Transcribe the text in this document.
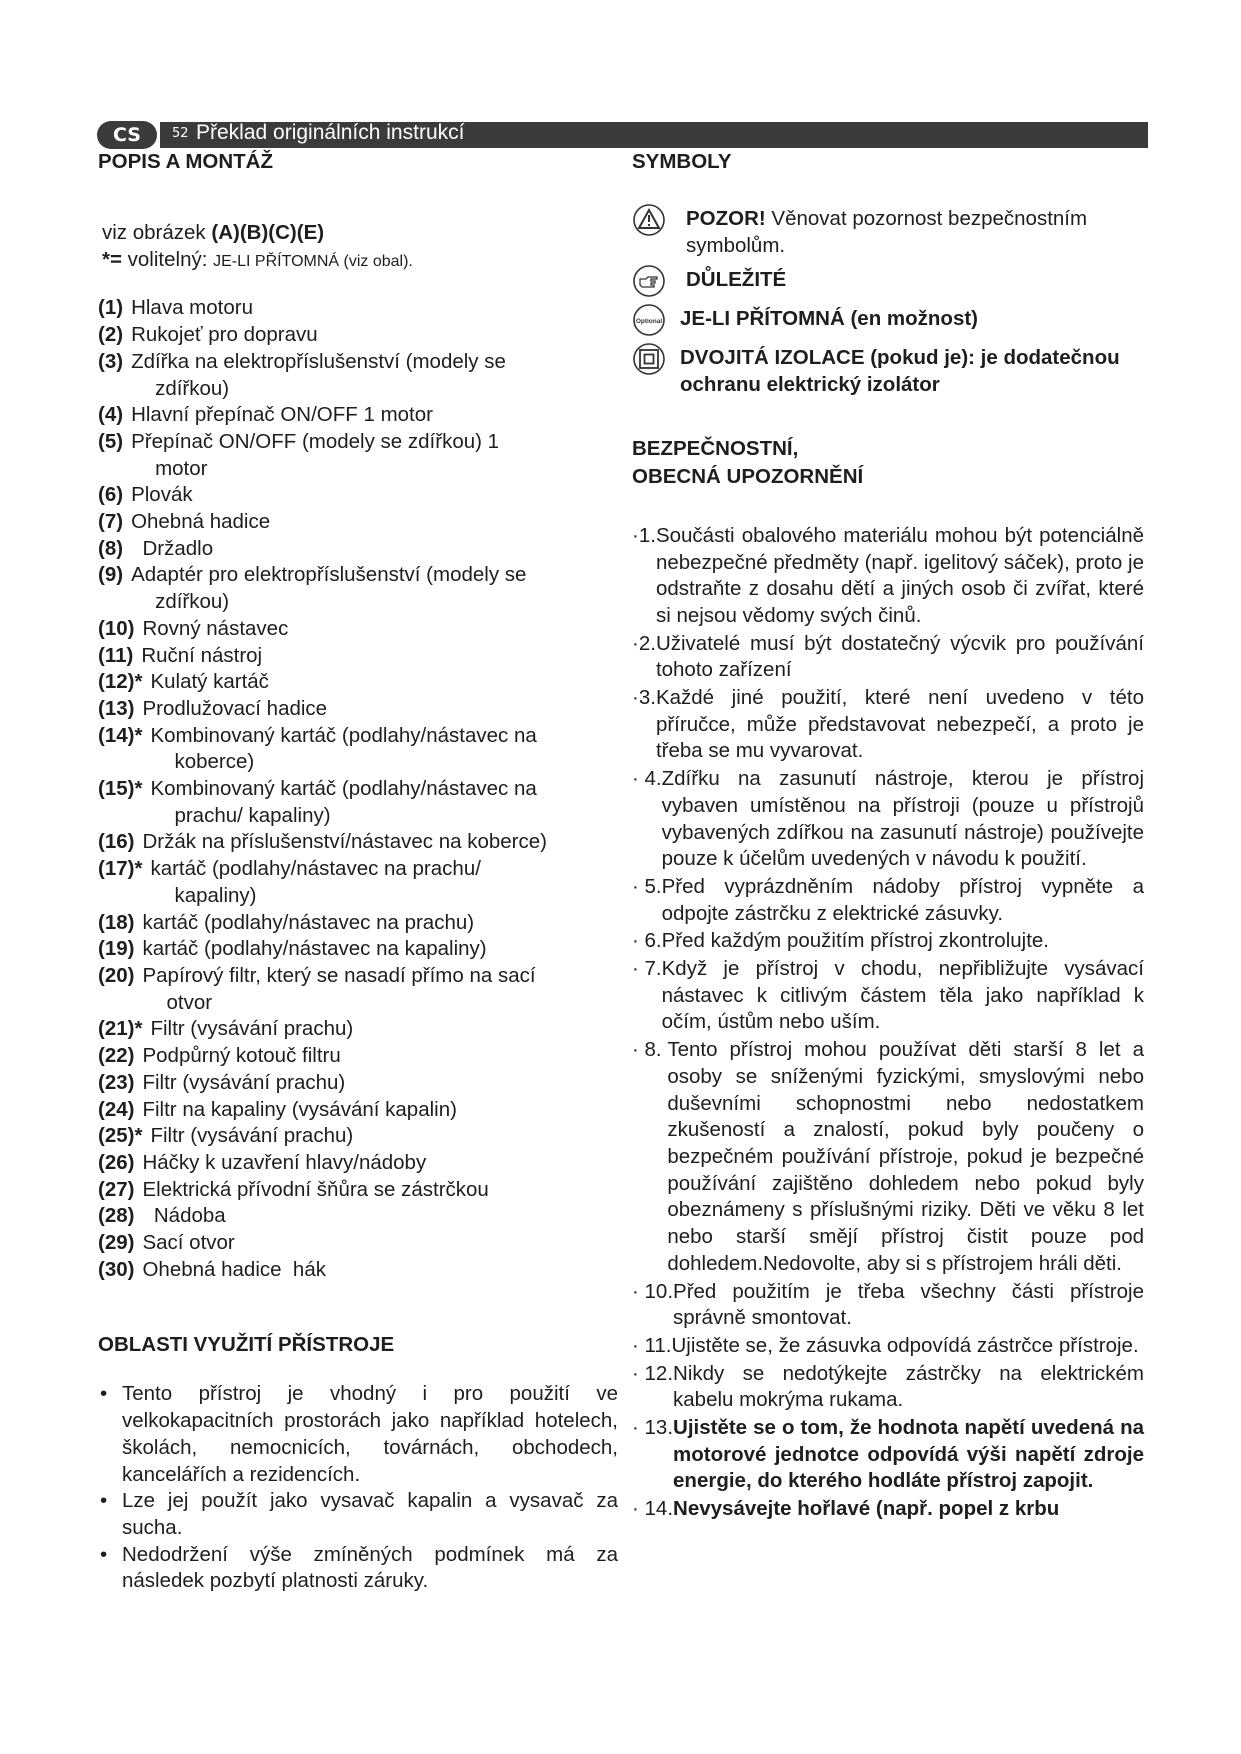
CS	52 Překlad originálních instrukcí
POPIS A MONTÁŽ
viz obrázek (A)(B)(C)(E)
*= volitelný: JE-LI PŘÍTOMNÁ (viz obal).
(1) Hlava motoru
(2) Rukojeť pro dopravu
(3) Zdířka na elektropříslušenství (modely se
zdířkou)
(4) Hlavní přepínač ON/OFF 1 motor
(5) Přepínač ON/OFF (modely se zdířkou) 1
motor
(6) Plovák
(7) Ohebná hadice
(8) Držadlo
(9) Adaptér pro elektropříslušenství (modely se
zdířkou)
(10) Rovný nástavec
(11) Ruční nástroj
(12)* Kulatý kartáč
(13) Prodlužovací hadice
(14)* Kombinovaný kartáč (podlahy/nástavec na
koberce)
(15)* Kombinovaný kartáč (podlahy/nástavec na
prachu/ kapaliny)
(16) Držák na příslušenství/nástavec na koberce)
(17)* kartáč (podlahy/nástavec na prachu/
kapaliny)
(18) kartáč (podlahy/nástavec na prachu)
(19) kartáč (podlahy/nástavec na kapaliny)
(20) Papírový filtr, který se nasadí přímo na sací
otvor
(21)* Filtr (vysávání prachu)
(22) Podpůrný kotouč filtru
(23) Filtr (vysávání prachu)
(24) Filtr na kapaliny (vysávání kapalin)
(25)* Filtr (vysávání prachu)
(26) Háčky k uzavření hlavy/nádoby
(27) Elektrická přívodní šňůra se zástrčkou
(28) Nádoba
(29) Sací otvor
(30) Ohebná hadice  hák
OBLASTI VYUŽITÍ PŘÍSTROJE
• Tento přístroj je vhodný i pro použití ve velkokapacitních prostorách jako například hotelech, školách, nemocnicích, továrnách, obchodech, kancelářích a rezidencích.
• Lze jej použít jako vysavač kapalin a vysavač za sucha.
• Nedodržení výše zmíněných podmínek má za následek pozbytí platnosti záruky.
SYMBOLY
POZOR! Věnovat pozornost bezpečnostním symbolům.
DŮLEŽITÉ
Optional JE-LI PŘÍTOMNÁ (en možnost)
DVOJITÁ IZOLACE (pokud je): je dodatečnou ochranu elektrický izolátor
BEZPEČNOSTNÍ,
OBECNÁ UPOZORNĚNÍ
·1. Součásti obalového materiálu mohou být potenciálně nebezpečné předměty (např. igelitový sáček), proto je odstraňte z dosahu dětí a jiných osob či zvířat, které si nejsou vědomy svých činů.
·2. Uživatelé musí být dostatečný výcvik pro používání tohoto zařízení
·3. Každé jiné použití, které není uvedeno v této příručce, může představovat nebezpečí, a proto je třeba se mu vyvarovat.
· 4. Zdířku na zasunutí nástroje, kterou je přístroj vybaven umístěnou na přístroji (pouze u přístrojů vybavených zdířkou na zasunutí nástroje) používejte pouze k účelům uvedených v návodu k použití.
· 5. Před vyprázdněním nádoby přístroj vypněte a odpojte zástrčku z elektrické zásuvky.
· 6. Před každým použitím přístroj zkontrolujte.
· 7. Když je přístroj v chodu, nepřibližujte vysávací nástavec k citlivým částem těla jako například k očím, ústům nebo uším.
· 8. Tento přístroj mohou používat děti starší 8 let a osoby se sníženými fyzickými, smyslovými nebo duševními schopnostmi nebo nedostatkem zkušeností a znalostí, pokud byly poučeny o bezpečném používání přístroje, pokud je bezpečné používání zajištěno dohledem nebo pokud byly obeznámeny s příslušnými riziky. Děti ve věku 8 let nebo starší smějí přístroj čistit pouze pod dohledem.Nedovolte, aby si s přístrojem hráli děti.
· 10. Před použitím je třeba všechny části přístroje správně smontovat.
· 11. Ujistěte se, že zásuvka odpovídá zástrčce přístroje.
· 12. Nikdy se nedotýkejte zástrčky na elektrickém kabelu mokrýma rukama.
· 13. Ujistěte se o tom, že hodnota napětí uvedená na motorové jednotce odpovídá výši napětí zdroje energie, do kterého hodláte přístroj zapojit.
· 14. Nevysávejte hořlavé (např. popel z krbu
